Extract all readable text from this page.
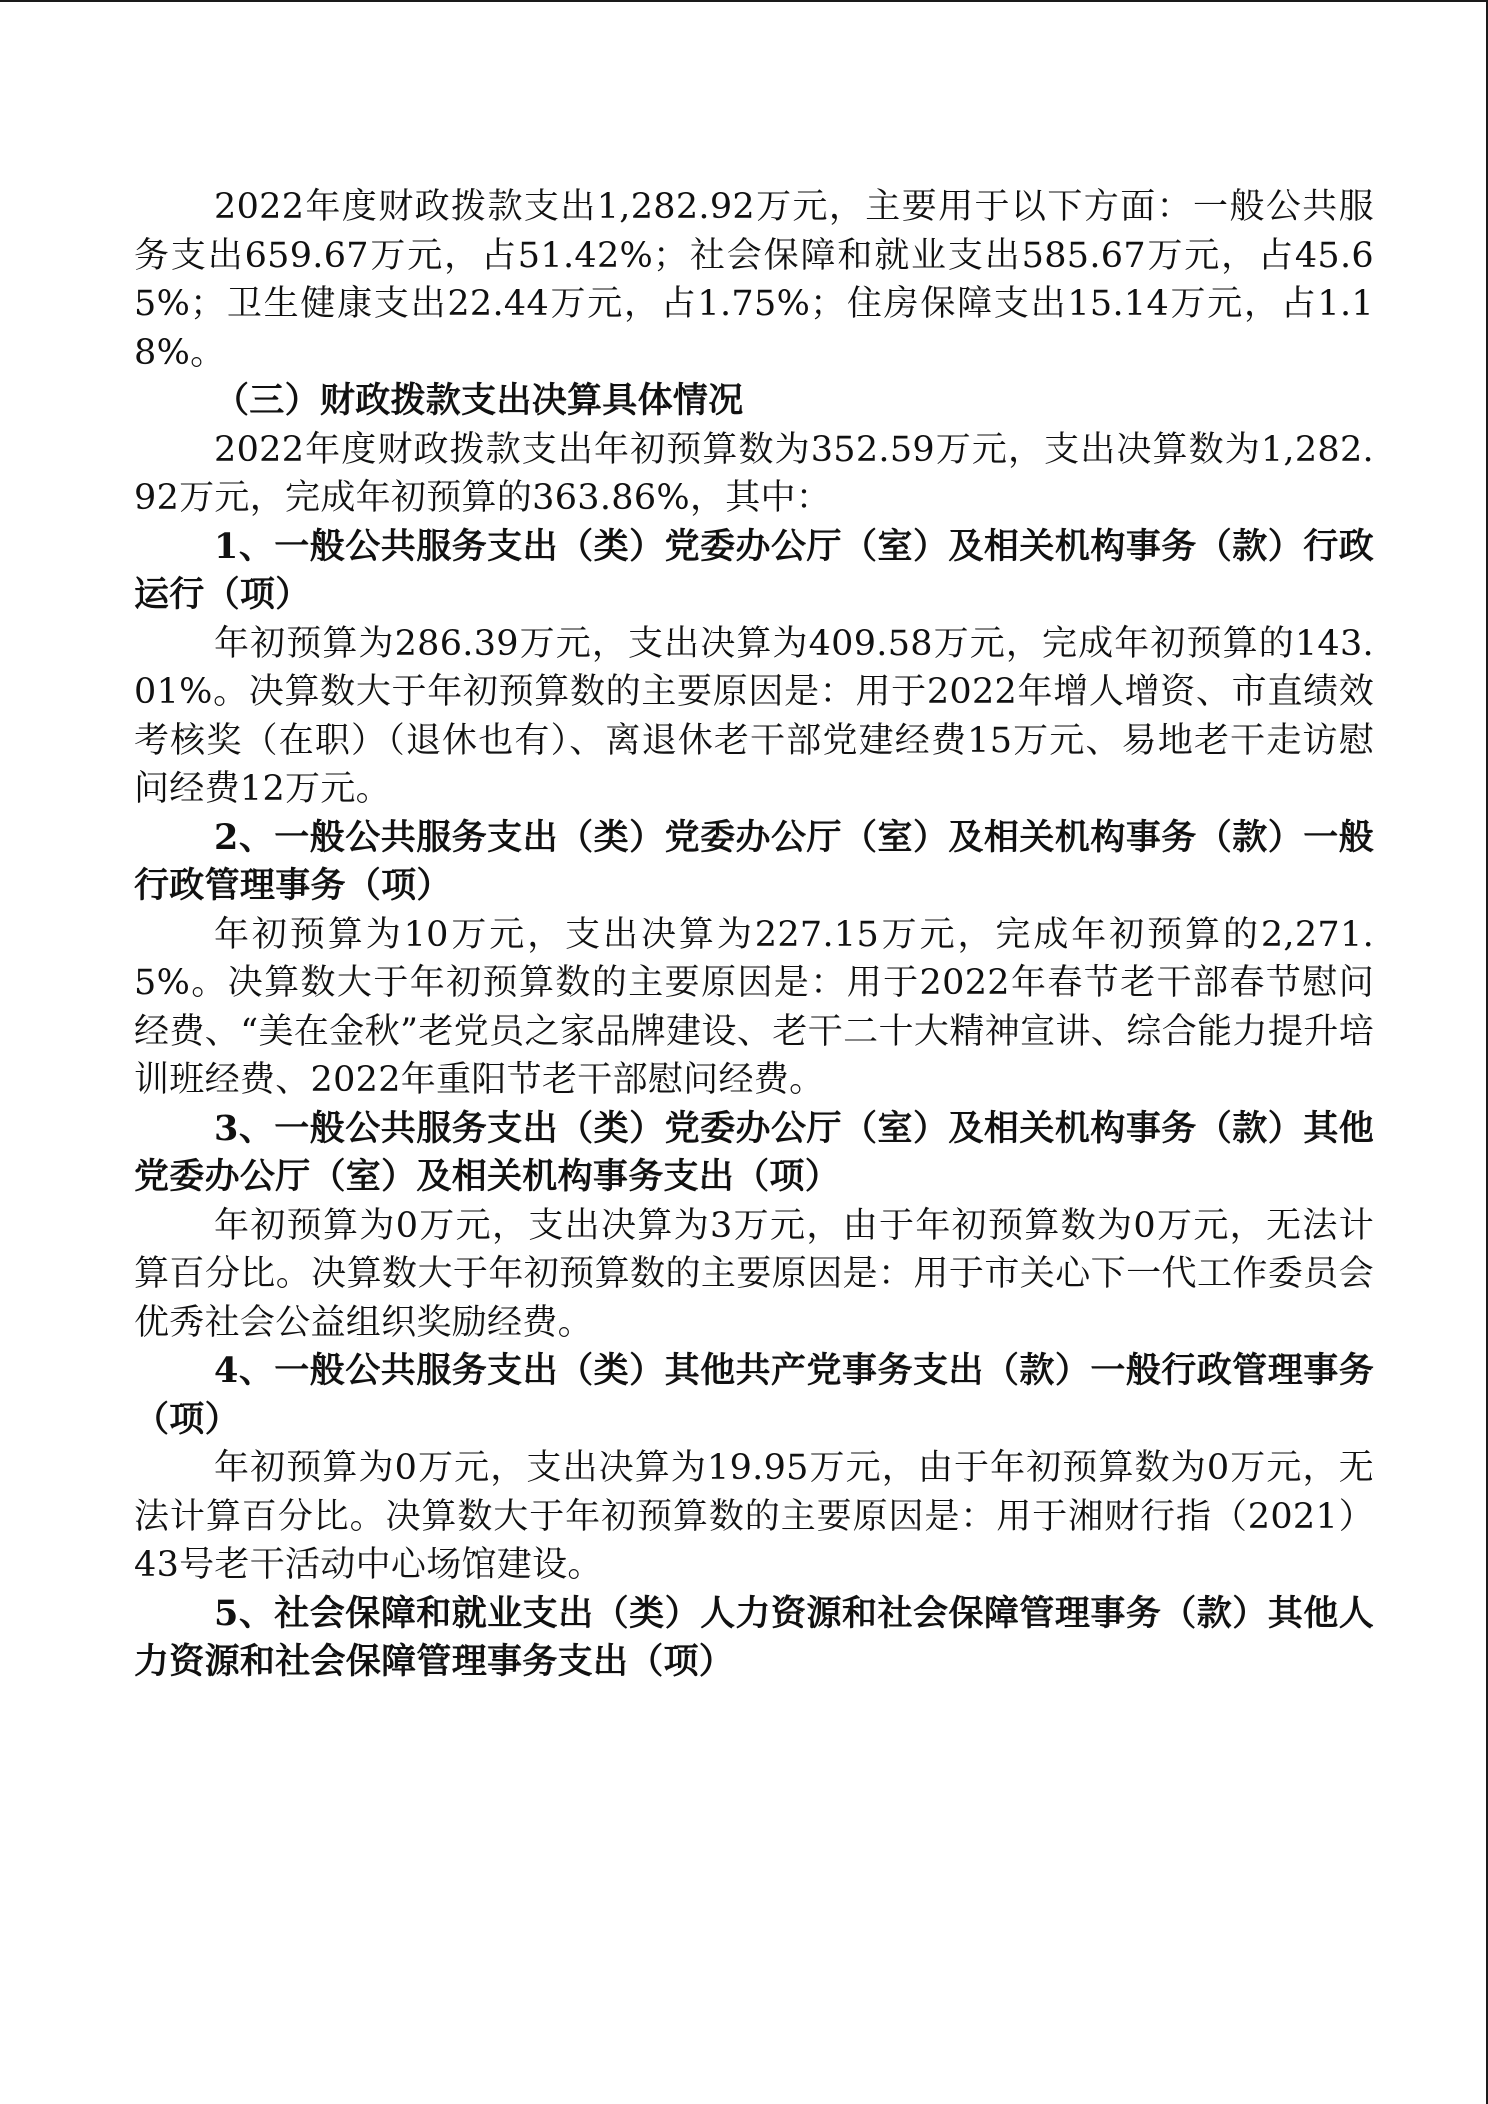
2022年度财政拨款支出1,282.92万元，主要用于以下方面：一般公共服务支出659.67万元，占51.42%；社会保障和就业支出585.67万元，占45.65%；卫生健康支出22.44万元，占1.75%；住房保障支出15.14万元，占1.18%。

（三）财政拨款支出决算具体情况

2022年度财政拨款支出年初预算数为352.59万元，支出决算数为1,282.92万元，完成年初预算的363.86%，其中：

1、一般公共服务支出（类）党委办公厅（室）及相关机构事务（款）行政运行（项）

年初预算为286.39万元，支出决算为409.58万元，完成年初预算的143.01%。决算数大于年初预算数的主要原因是：用于2022年增人增资、市直绩效考核奖（在职）（退休也有）、离退休老干部党建经费15万元、易地老干走访慰问经费12万元。

2、一般公共服务支出（类）党委办公厅（室）及相关机构事务（款）一般行政管理事务（项）

年初预算为10万元，支出决算为227.15万元，完成年初预算的2,271.5%。决算数大于年初预算数的主要原因是：用于2022年春节老干部春节慰问经费、“美在金秋”老党员之家品牌建设、老干二十大精神宣讲、综合能力提升培训班经费、2022年重阳节老干部慰问经费。

3、一般公共服务支出（类）党委办公厅（室）及相关机构事务（款）其他党委办公厅（室）及相关机构事务支出（项）

年初预算为0万元，支出决算为3万元，由于年初预算数为0万元，无法计算百分比。决算数大于年初预算数的主要原因是：用于市关心下一代工作委员会 优秀社会公益组织奖励经费。

4、一般公共服务支出（类）其他共产党事务支出（款）一般行政管理事务（项）

年初预算为0万元，支出决算为19.95万元，由于年初预算数为0万元，无法计算百分比。决算数大于年初预算数的主要原因是：用于湘财行指（2021）43号老干活动中心场馆建设。

5、社会保障和就业支出（类）人力资源和社会保障管理事务（款）其他人力资源和社会保障管理事务支出（项）
